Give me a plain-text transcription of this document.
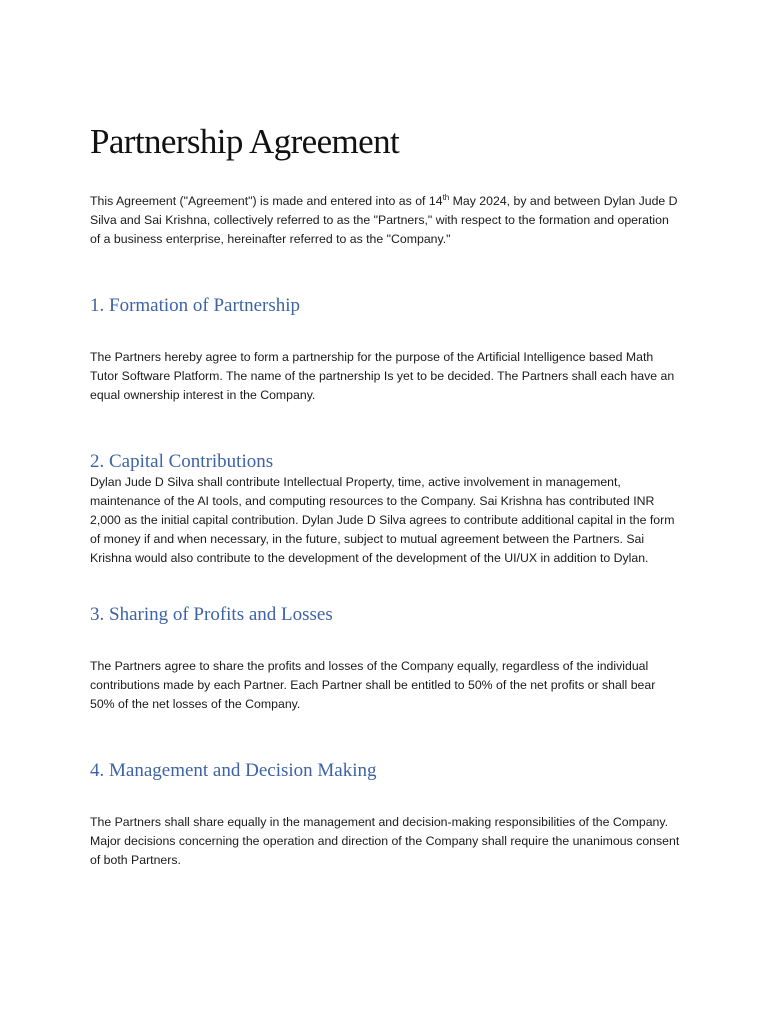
Partnership Agreement

This Agreement ("Agreement") is made and entered into as of 14th May 2024, by and between Dylan Jude D Silva and Sai Krishna, collectively referred to as the "Partners," with respect to the formation and operation of a business enterprise, hereinafter referred to as the "Company."

1. Formation of Partnership

The Partners hereby agree to form a partnership for the purpose of the Artificial Intelligence based Math Tutor Software Platform. The name of the partnership Is yet to be decided. The Partners shall each have an equal ownership interest in the Company.

2. Capital Contributions

Dylan Jude D Silva shall contribute Intellectual Property, time, active involvement in management, maintenance of the AI tools, and computing resources to the Company. Sai Krishna has contributed INR 2,000 as the initial capital contribution. Dylan Jude D Silva agrees to contribute additional capital in the form of money if and when necessary, in the future, subject to mutual agreement between the Partners. Sai Krishna would also contribute to the development of the development of the UI/UX in addition to Dylan.

3. Sharing of Profits and Losses

The Partners agree to share the profits and losses of the Company equally, regardless of the individual contributions made by each Partner. Each Partner shall be entitled to 50% of the net profits or shall bear 50% of the net losses of the Company.

4. Management and Decision Making

The Partners shall share equally in the management and decision-making responsibilities of the Company. Major decisions concerning the operation and direction of the Company shall require the unanimous consent of both Partners.
